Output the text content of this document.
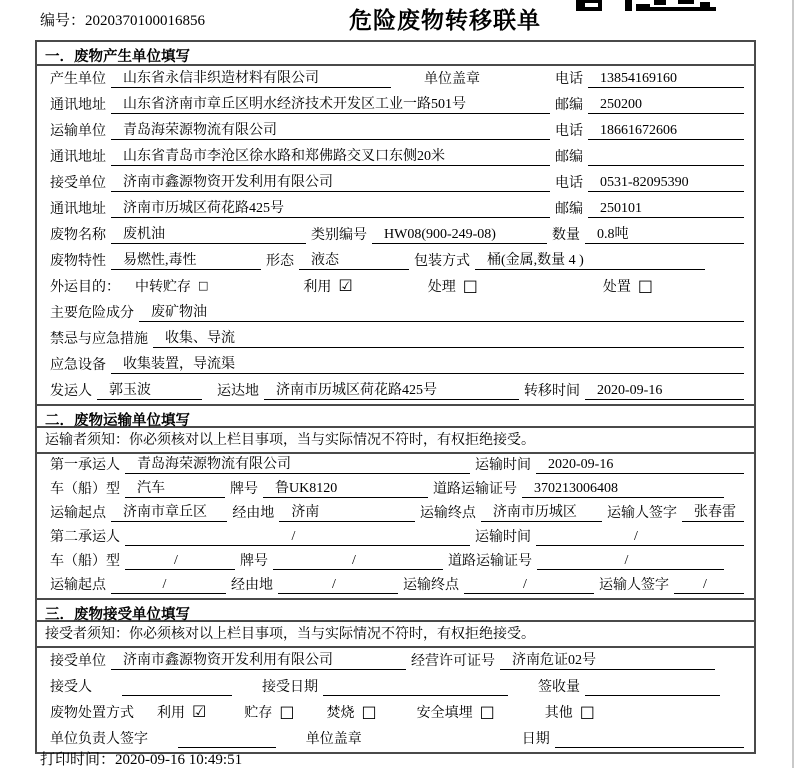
编号：2020370100016856	危险废物转移联单
一．废物产生单位填写
产生单位	山东省永信非织造材料有限公司	单位盖章	电话	13854169160
通讯地址	山东省济南市章丘区明水经济技术开发区工业一路501号	邮编	250200
运输单位	青岛海荣源物流有限公司	电话	18661672606
通讯地址	山东省青岛市李沧区徐水路和郑佛路交叉口东侧20米	邮编
接受单位	济南市鑫源物资开发利用有限公司	电话	0531-82095390
通讯地址	济南市历城区荷花路425号	邮编	250101
废物名称	废机油	类别编号	HW08(900-249-08)	数量	0.8吨
废物特性	易燃性,毒性	形态	液态	包装方式	桶(金属,数量 4 )
外运目的：	中转贮存 □	利用 ☑	处理 □	处置 □
主要危险成分	废矿物油
禁忌与应急措施	收集、导流
应急设备	收集装置，导流渠
发运人	郭玉波	运达地	济南市历城区荷花路425号	转移时间	2020-09-16
二．废物运输单位填写
运输者须知：你必须核对以上栏目事项，当与实际情况不符时，有权拒绝接受。
第一承运人	青岛海荣源物流有限公司	运输时间	2020-09-16
车（船）型	汽车	牌号	鲁UK8120	道路运输证号	370213006408
运输起点	济南市章丘区	经由地	济南	运输终点	济南市历城区	运输人签字	张春雷
第二承运人	/	运输时间	/
车（船）型	/	牌号	/	道路运输证号	/
运输起点	/	经由地	/	运输终点	/	运输人签字	/
三．废物接受单位填写
接受者须知：你必须核对以上栏目事项，当与实际情况不符时，有权拒绝接受。
接受单位	济南市鑫源物资开发利用有限公司	经营许可证号	济南危证02号
接受人	接受日期	签收量
废物处置方式	利用 ☑	贮存 □ 焚烧 □	安全填埋 □	其他 □
单位负责人签字	单位盖章	日期
打印时间：2020-09-16 10:49:51
